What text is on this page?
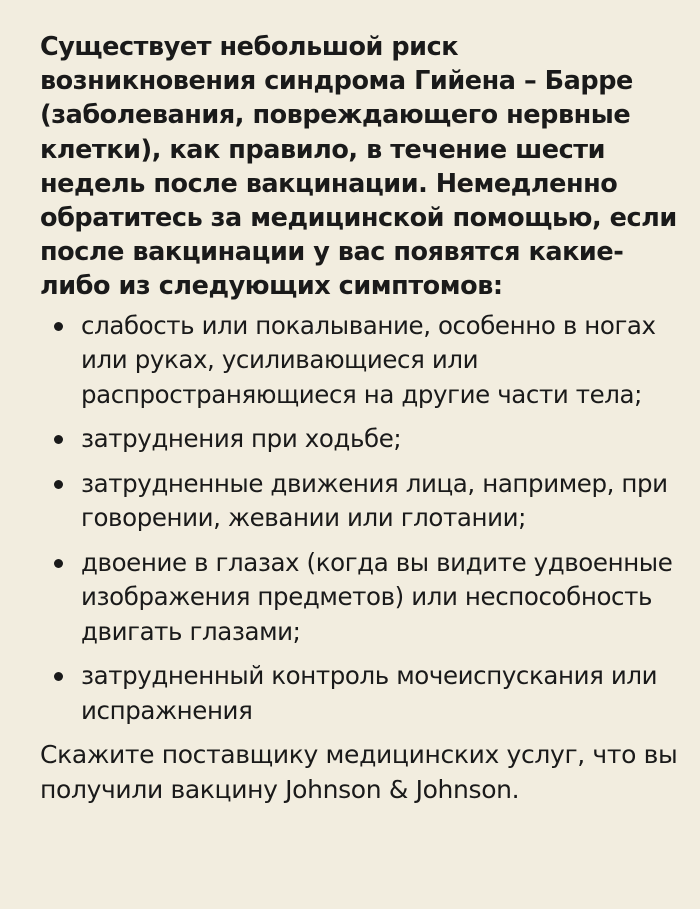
Существует небольшой риск возникновения синдрома Гийена – Барре (заболевания, повреждающего нервные клетки), как правило, в течение шести недель после вакцинации. Немедленно обратитесь за медицинской помощью, если после вакцинации у вас появятся какие-либо из следующих симптомов:

слабость или покалывание, особенно в ногах или руках, усиливающиеся или распространяющиеся на другие части тела;
затруднения при ходьбе;
затрудненные движения лица, например, при говорении, жевании или глотании;
двоение в глазах (когда вы видите удвоенные изображения предметов) или неспособность двигать глазами;
затрудненный контроль мочеиспускания или испражнения

Скажите поставщику медицинских услуг, что вы получили вакцину Johnson & Johnson.
